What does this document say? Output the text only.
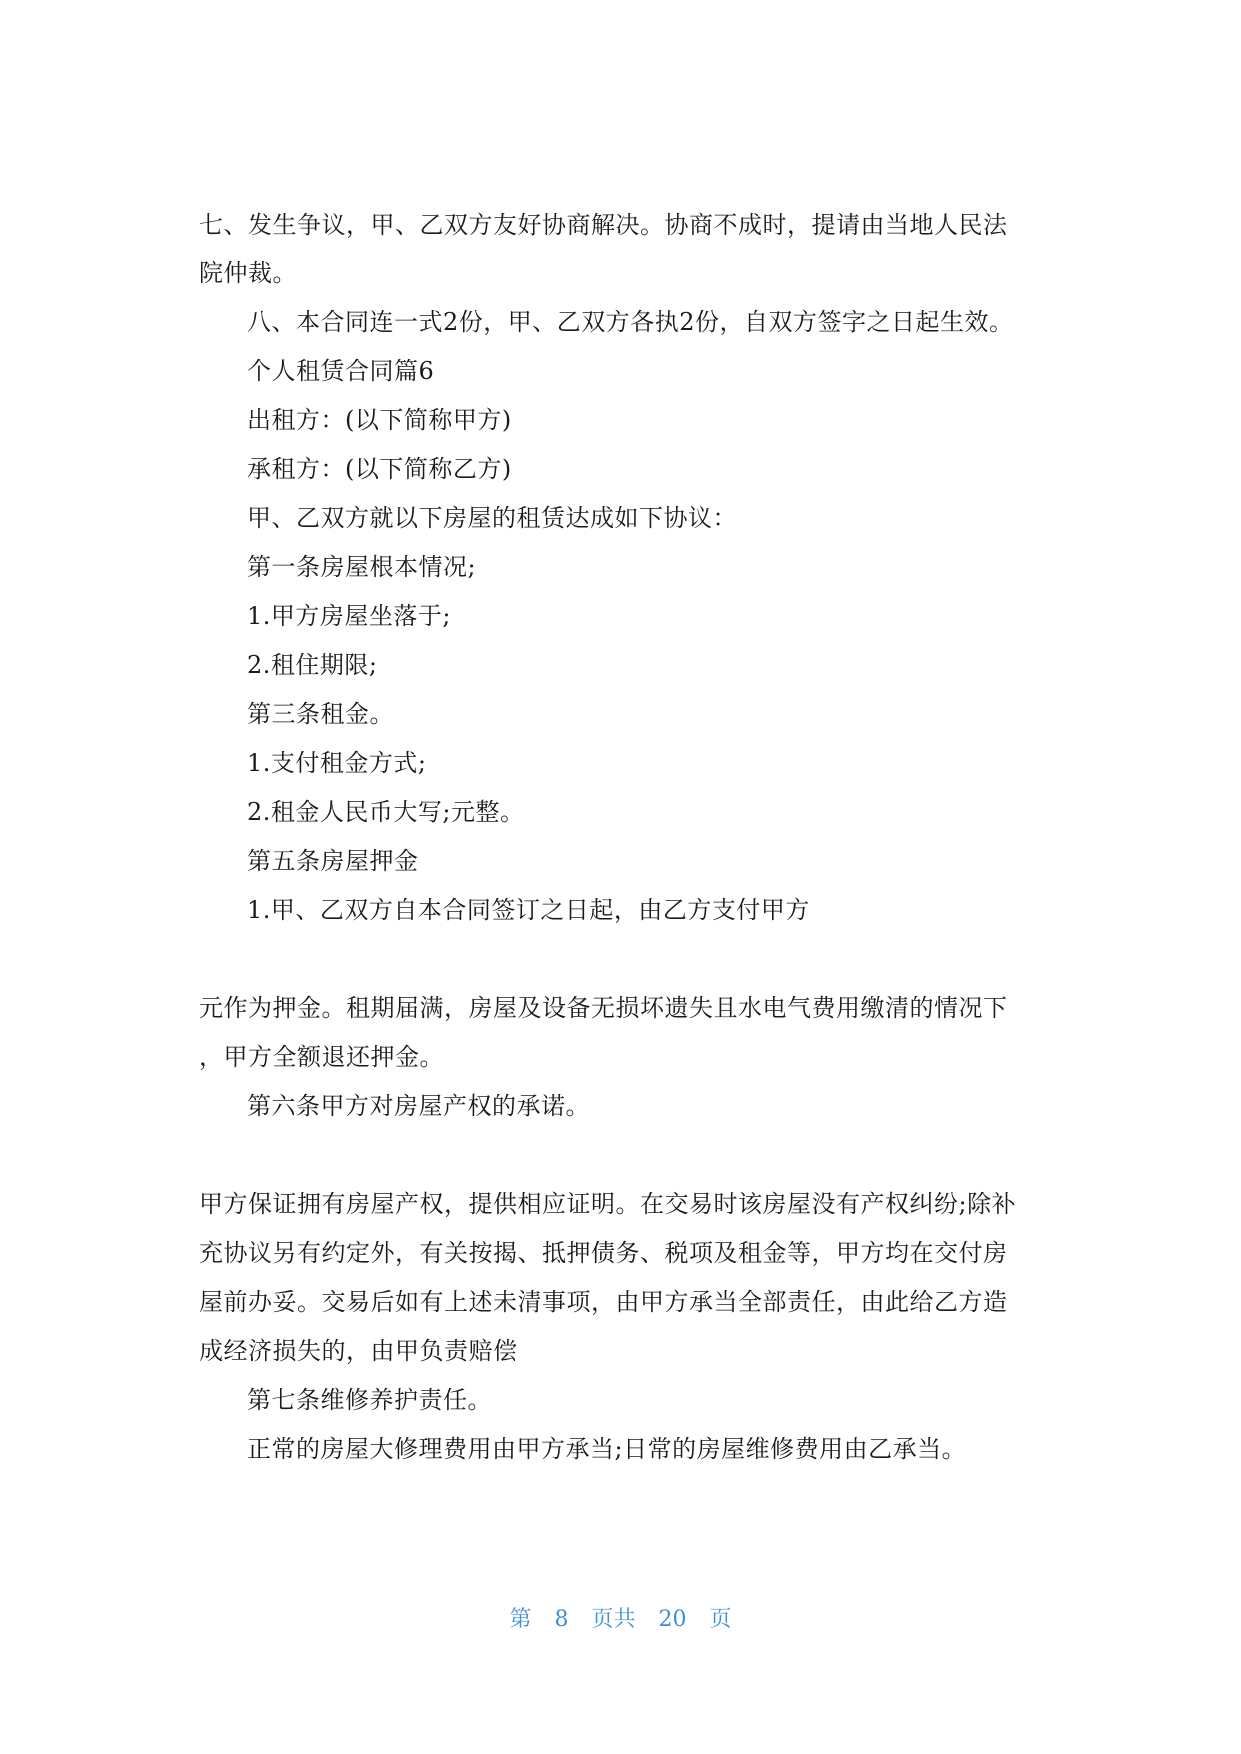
七、发生争议，甲、乙双方友好协商解决。协商不成时，提请由当地人民法
院仲裁。
八、本合同连一式2份，甲、乙双方各执2份，自双方签字之日起生效。
个人租赁合同篇6
出租方：(以下简称甲方)
承租方：(以下简称乙方)
甲、乙双方就以下房屋的租赁达成如下协议：
第一条房屋根本情况;
1.甲方房屋坐落于;
2.租住期限;
第三条租金。
1.支付租金方式;
2.租金人民币大写;元整。
第五条房屋押金
1.甲、乙双方自本合同签订之日起，由乙方支付甲方
元作为押金。租期届满，房屋及设备无损坏遗失且水电气费用缴清的情况下
，甲方全额退还押金。
第六条甲方对房屋产权的承诺。
甲方保证拥有房屋产权，提供相应证明。在交易时该房屋没有产权纠纷;除补
充协议另有约定外，有关按揭、抵押债务、税项及租金等，甲方均在交付房
屋前办妥。交易后如有上述未清事项，由甲方承当全部责任，由此给乙方造
成经济损失的，由甲负责赔偿
第七条维修养护责任。
正常的房屋大修理费用由甲方承当;日常的房屋维修费用由乙承当。
第 8 页共 20 页
